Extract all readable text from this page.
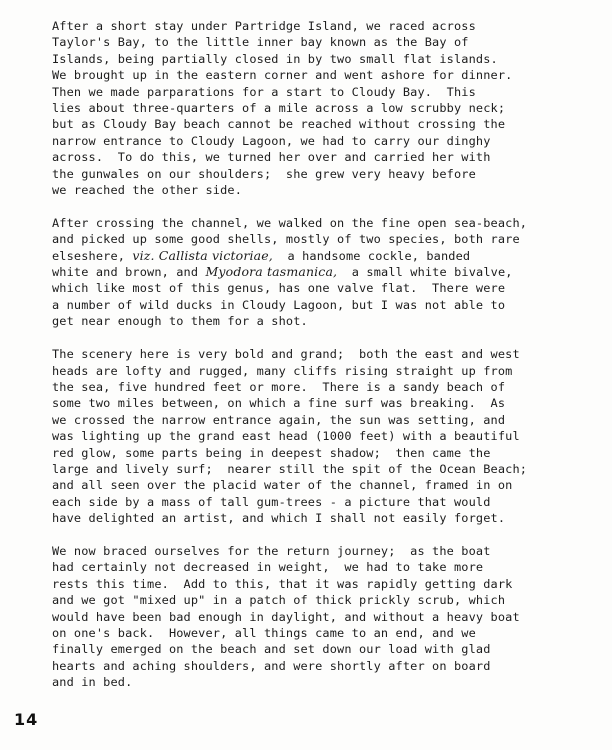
After a short stay under Partridge Island, we raced across
Taylor's Bay, to the little inner bay known as the Bay of
Islands, being partially closed in by two small flat islands.
We brought up in the eastern corner and went ashore for dinner.
Then we made parparations for a start to Cloudy Bay.  This
lies about three-quarters of a mile across a low scrubby neck;
but as Cloudy Bay beach cannot be reached without crossing the
narrow entrance to Cloudy Lagoon, we had to carry our dinghy
across.  To do this, we turned her over and carried her with
the gunwales on our shoulders;  she grew very heavy before
we reached the other side.

After crossing the channel, we walked on the fine open sea-beach,
and picked up some good shells, mostly of two species, both rare
elseshere, viz. Callista victoriae,  a handsome cockle, banded
white and brown, and Myodora tasmanica,  a small white bivalve,
which like most of this genus, has one valve flat.  There were
a number of wild ducks in Cloudy Lagoon, but I was not able to
get near enough to them for a shot.

The scenery here is very bold and grand;  both the east and west
heads are lofty and rugged, many cliffs rising straight up from
the sea, five hundred feet or more.  There is a sandy beach of
some two miles between, on which a fine surf was breaking.  As
we crossed the narrow entrance again, the sun was setting, and
was lighting up the grand east head (1000 feet) with a beautiful
red glow, some parts being in deepest shadow;  then came the
large and lively surf;  nearer still the spit of the Ocean Beach;
and all seen over the placid water of the channel, framed in on
each side by a mass of tall gum-trees - a picture that would
have delighted an artist, and which I shall not easily forget.

We now braced ourselves for the return journey;  as the boat
had certainly not decreased in weight,  we had to take more
rests this time.  Add to this, that it was rapidly getting dark
and we got "mixed up" in a patch of thick prickly scrub, which
would have been bad enough in daylight, and without a heavy boat
on one's back.  However, all things came to an end, and we
finally emerged on the beach and set down our load with glad
hearts and aching shoulders, and were shortly after on board
and in bed.

14
